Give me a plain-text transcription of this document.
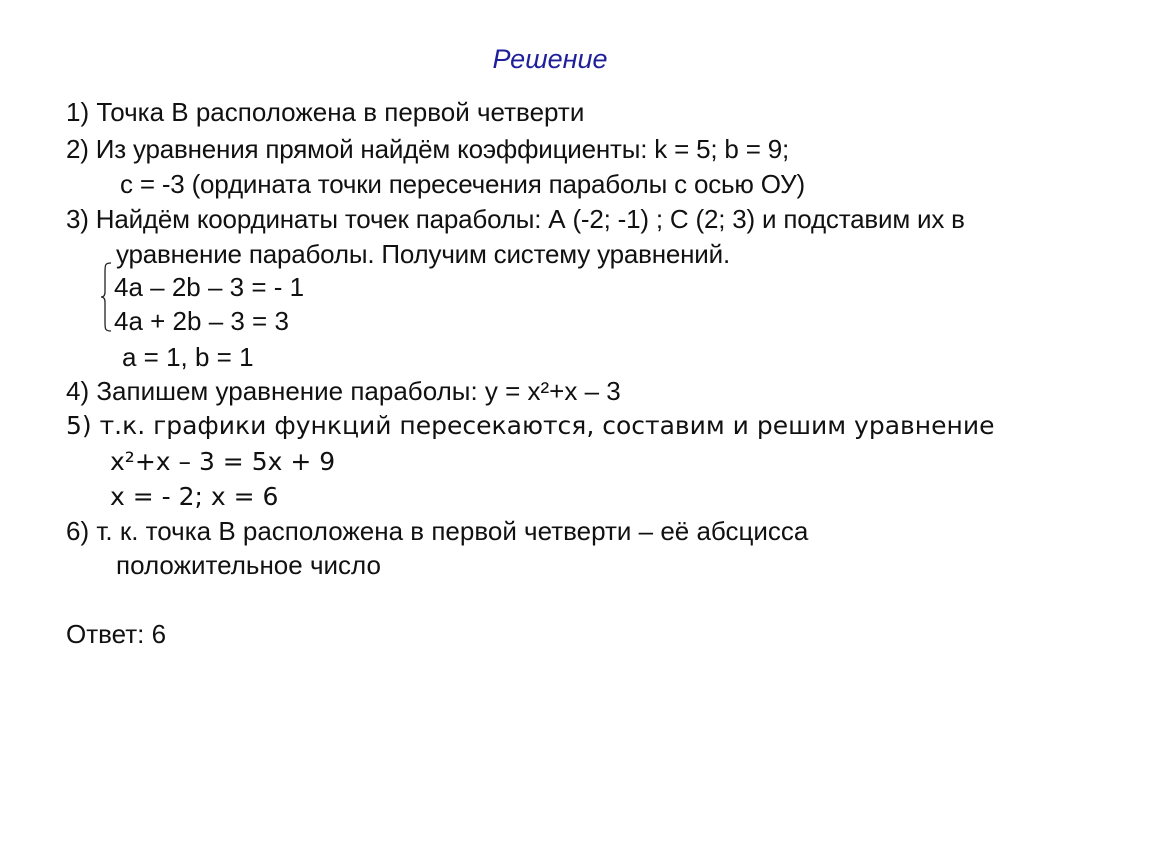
Решение
1) Точка B расположена в первой четверти
2) Из уравнения прямой найдём коэффициенты: k = 5; b = 9;
c = -3 (ордината точки пересечения параболы с осью ОУ)
3) Найдём координаты точек параболы: А (-2; -1) ; С (2; 3) и подставим их в
уравнение параболы. Получим систему уравнений.
4a – 2b – 3 = - 1
4a + 2b – 3 = 3
a = 1, b = 1
4) Запишем уравнение параболы: y = x²+x – 3
5) т.к. графики функций пересекаются, составим и решим уравнение
x²+x – 3 = 5x + 9
x = - 2; x = 6
6) т. к. точка B расположена в первой четверти – её абсцисса
положительное число
Ответ: 6
